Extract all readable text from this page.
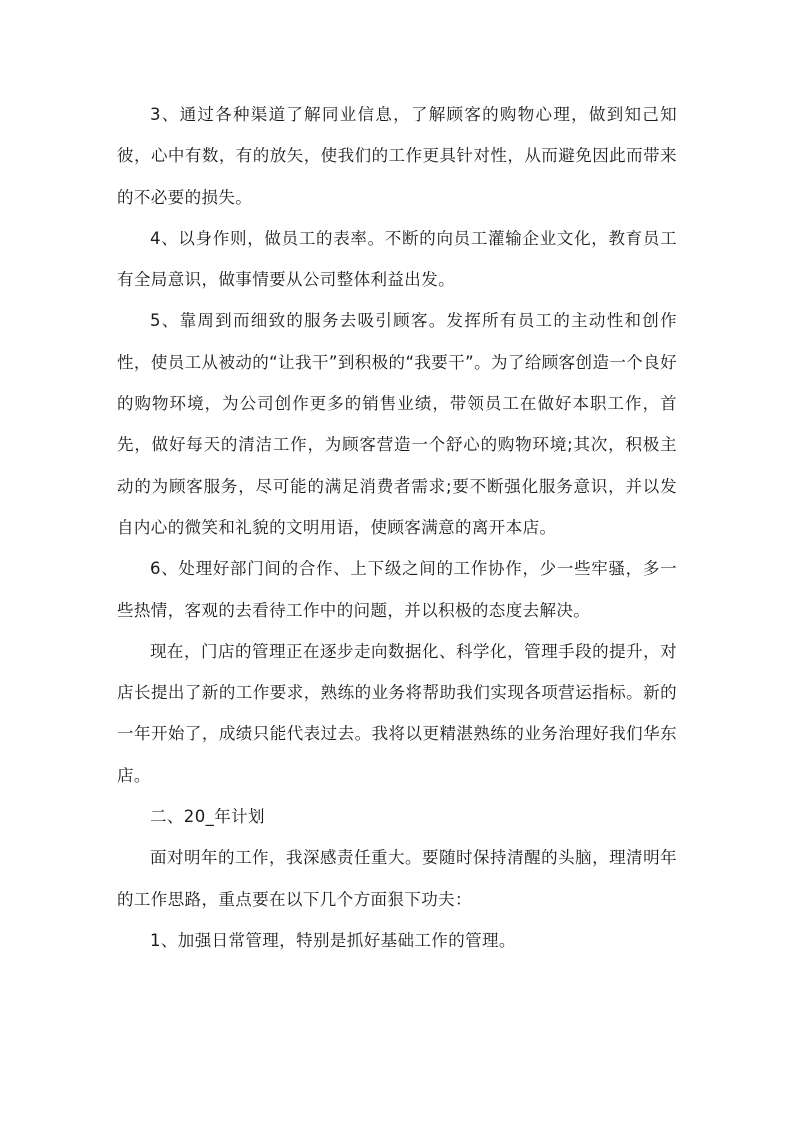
3、通过各种渠道了解同业信息，了解顾客的购物心理，做到知己知彼，心中有数，有的放矢，使我们的工作更具针对性，从而避免因此而带来的不必要的损失。

4、以身作则，做员工的表率。不断的向员工灌输企业文化，教育员工有全局意识，做事情要从公司整体利益出发。

5、靠周到而细致的服务去吸引顾客。发挥所有员工的主动性和创作性，使员工从被动的“让我干”到积极的“我要干”。为了给顾客创造一个良好的购物环境，为公司创作更多的销售业绩，带领员工在做好本职工作，首先，做好每天的清洁工作，为顾客营造一个舒心的购物环境;其次，积极主动的为顾客服务，尽可能的满足消费者需求;要不断强化服务意识，并以发自内心的微笑和礼貌的文明用语，使顾客满意的离开本店。

6、处理好部门间的合作、上下级之间的工作协作，少一些牢骚，多一些热情，客观的去看待工作中的问题，并以积极的态度去解决。

现在，门店的管理正在逐步走向数据化、科学化，管理手段的提升，对店长提出了新的工作要求，熟练的业务将帮助我们实现各项营运指标。新的一年开始了，成绩只能代表过去。我将以更精湛熟练的业务治理好我们华东店。

二、20_年计划

面对明年的工作，我深感责任重大。要随时保持清醒的头脑，理清明年的工作思路，重点要在以下几个方面狠下功夫：

1、加强日常管理，特别是抓好基础工作的管理。
